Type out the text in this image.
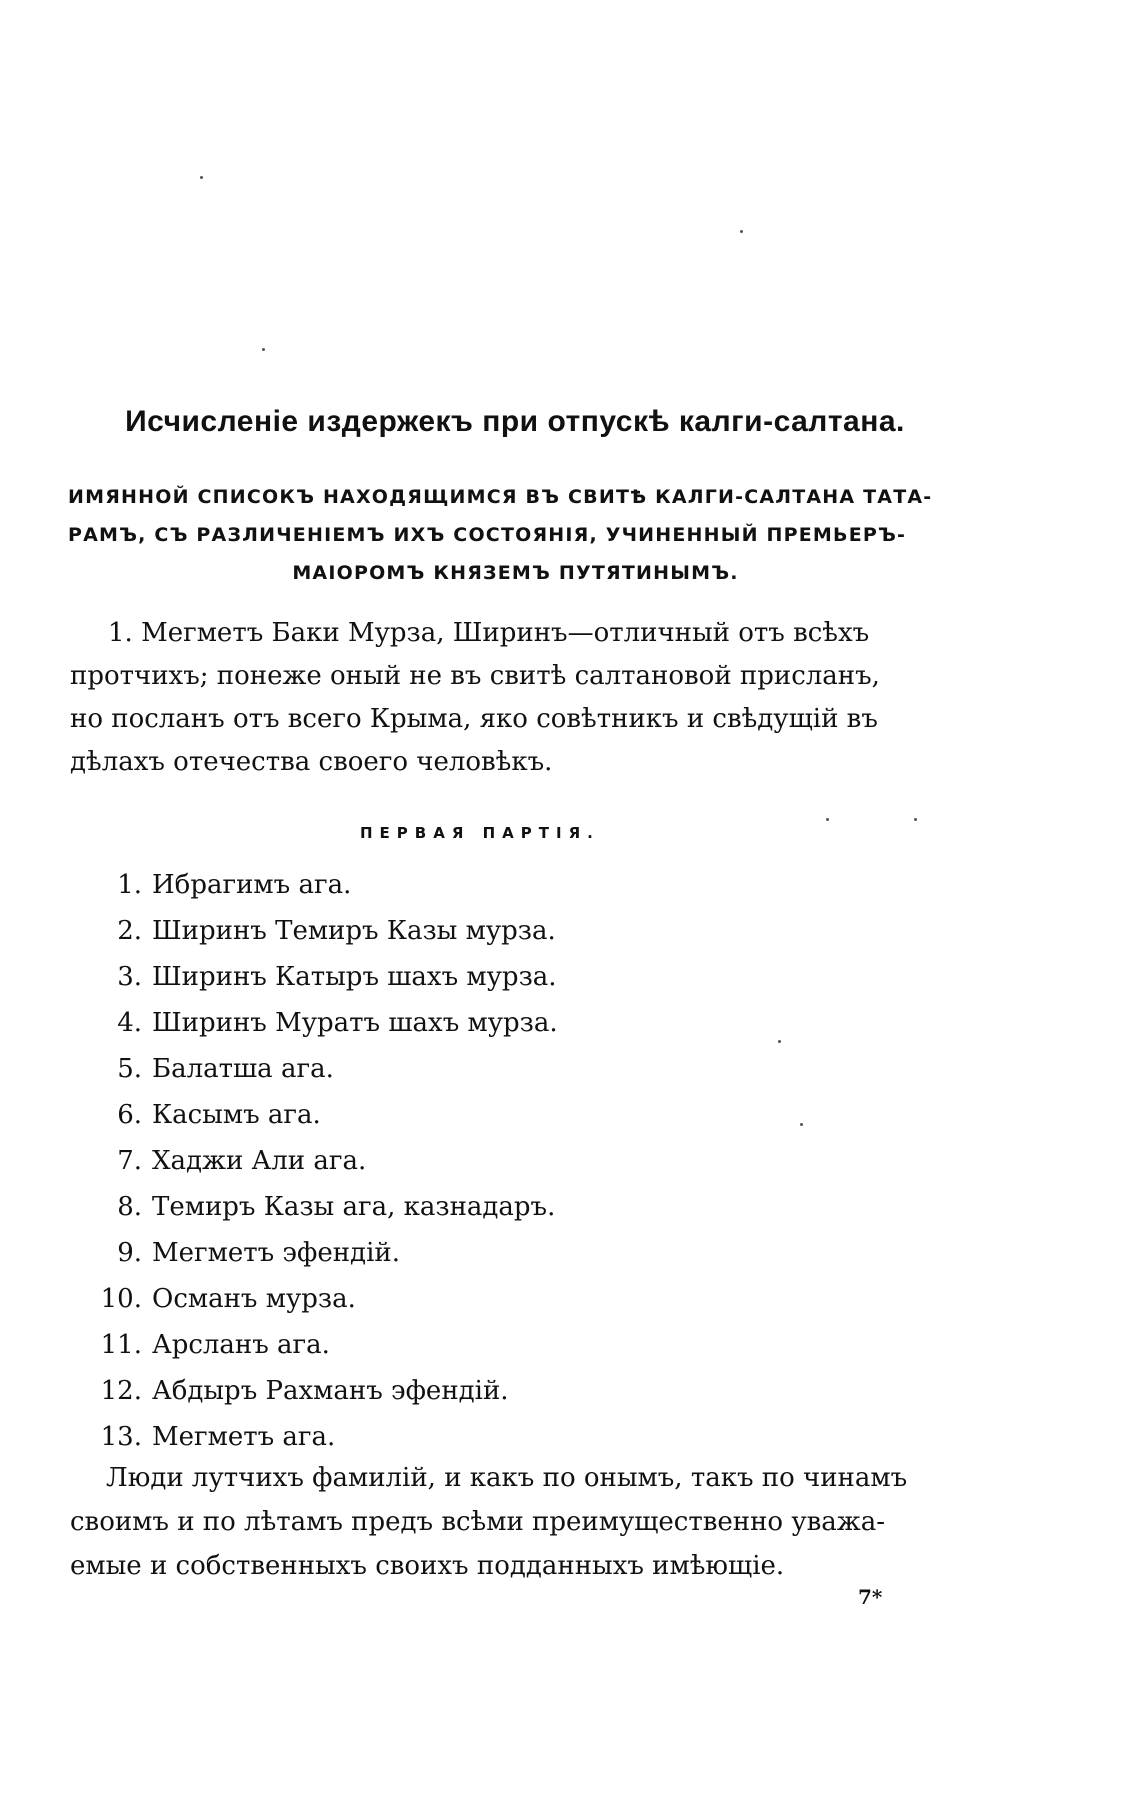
Исчисленіе издержекъ при отпускѣ калги-салтана.
ИМЯННОЙ СПИСОКЪ НАХОДЯЩИМСЯ ВЪ СВИТѢ КАЛГИ-САЛТАНА ТАТА-
РАМЪ, СЪ РАЗЛИЧЕНІЕМЪ ИХЪ СОСТОЯНІЯ, УЧИНЕННЫЙ ПРЕМЬЕРЪ-
МАІОРОМЪ КНЯЗЕМЪ ПУТЯТИНЫМЪ.
1. Мегметъ Баки Мурза, Ширинъ—отличный отъ всѣхъ
протчихъ; понеже оный не въ свитѣ салтановой присланъ,
но посланъ отъ всего Крыма, яко совѣтникъ и свѣдущій въ
дѣлахъ отечества своего человѣкъ.
ПЕРВАЯ ПАРТІЯ.
1. Ибрагимъ ага.
2. Ширинъ Темиръ Казы мурза.
3. Ширинъ Катыръ шахъ мурза.
4. Ширинъ Муратъ шахъ мурза.
5. Балатша ага.
6. Касымъ ага.
7. Хаджи Али ага.
8. Темиръ Казы ага, казнадаръ.
9. Мегметъ эфендій.
10. Османъ мурза.
11. Арсланъ ага.
12. Абдыръ Рахманъ эфендій.
13. Мегметъ ага.
Люди лутчихъ фамилій, и какъ по онымъ, такъ по чинамъ
своимъ и по лѣтамъ предъ всѣми преимущественно уважа-
емые и собственныхъ своихъ подданныхъ имѣющіе.
7*
